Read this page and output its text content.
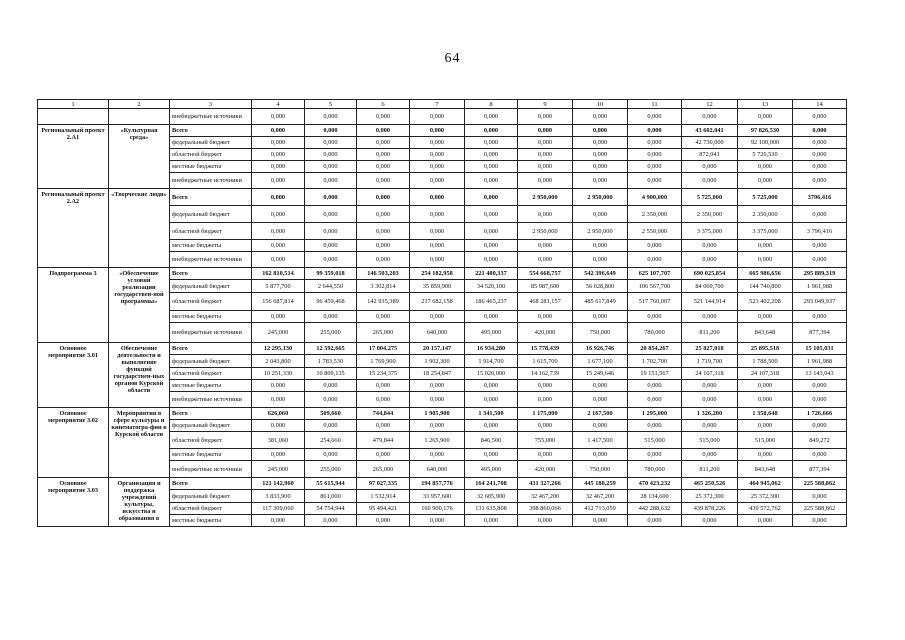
64
1	2	3	4	5	6	7	8	9	10	11	12	13	14
		внебюджетные источники	0,000	0,000	0,000	0,000	0,000	0,000	0,000	0,000	0,000	0,000	0,000
Региональный проект 2.А1	«Культурная среда»	Всего	0,000	0,000	0,000	0,000	0,000	0,000	0,000	0,000	43 602,041	97 826,530	0,000
		федеральный бюджет	0,000	0,000	0,000	0,000	0,000	0,000	0,000	0,000	42 730,000	92 100,000	0,000
		областной бюджет	0,000	0,000	0,000	0,000	0,000	0,000	0,000	0,000	872,041	5 726,530	0,000
		местные бюджеты	0,000	0,000	0,000	0,000	0,000	0,000	0,000	0,000	0,000	0,000	0,000
		внебюджетные источники	0,000	0,000	0,000	0,000	0,000	0,000	0,000	0,000	0,000	0,000	0,000
Региональный проект 2.А2	«Творческие люди»	Всего	0,000	0,000	0,000	0,000	0,000	2 950,000	2 950,000	4 900,000	5 725,000	5 725,000	3796,416
		федеральный бюджет	0,000	0,000	0,000	0,000	0,000	0,000	0,000	2 350,000	2 350,000	2 350,000	0,000
		областной бюджет	0,000	0,000	0,000	0,000	0,000	2 950,000	2 950,000	2 550,000	3 375,000	3 375,000	3 796,416
		местные бюджеты	0,000	0,000	0,000	0,000	0,000	0,000	0,000	0,000	0,000	0,000	0,000
		внебюджетные источники	0,000	0,000	0,000	0,000	0,000	0,000	0,000	0,000	0,000	0,000	0,000
Подпрограмма 3	«Обеспечение условий реализации государствен-ной программы»	Всего	162 810,514	99 359,018	146 503,203	254 182,958	221 480,337	554 668,757	542 396,649	625 107,707	690 025,854	665 986,656	295 889,319
		федеральный бюджет	5 877,700	2 644,550	3 302,814	35 859,900	34 520,100	85 987,600	56 028,800	106 567,700	84 069,700	144 740,800	1 961,988
		областной бюджет	156 687,814	96 459,468	142 935,389	217 682,158	186 465,237	468 281,157	485 617,849	517 760,007	521 144,914	523 402,208	293 049,937
		местные бюджеты	0,000	0,000	0,000	0,000	0,000	0,000	0,000	0,000	0,000	0,000	0,000
		внебюджетные источники	245,000	255,000	265,000	640,000	495,000	420,000	750,000	780,000	811,200	843,648	877,394
Основное мероприятие 3.01	Обеспечение деятельности и выполнение функций государствен-ных органов Курской области	Всего	12 295,130	12 592,665	17 004,275	20 157,147	16 934,280	15 778,439	16 926,746	20 854,267	25 827,018	25 895,518	15 105,031
		федеральный бюджет	2 043,800	1 783,530	1 769,900	1 902,300	1 914,700	1 615,700	1 677,100	1 702,700	1 719,700	1 788,500	1 961,988
		областной бюджет	10 251,330	10 809,135	15 234,375	18 254,847	15 020,000	14 162,739	15 249,646	19 151,567	24 107,318	24 107,318	13 143,043
		местные бюджеты	0,000	0,000	0,000	0,000	0,000	0,000	0,000	0,000	0,000	0,000	0,000
		внебюджетные источники	0,000	0,000	0,000	0,000	0,000	0,000	0,000	0,000	0,000	0,000	0,000
Основное мероприятие 3.02	Мероприятия в сфере культуры и кинематогра-фии в Курской области	Всего	626,060	509,660	744,844	1 905,900	1 341,500	1 175,000	2 167,500	1 295,000	1 326,200	1 358,648	1 726,666
		федеральный бюджет	0,000	0,000	0,000	0,000	0,000	0,000	0,000	0,000	0,000	0,000	0,000
		областной бюджет	381,060	254,660	479,844	1 265,900	846,500	755,000	1 417,500	515,000	515,000	515,000	849,272
		местные бюджеты	0,000	0,000	0,000	0,000	0,000	0,000	0,000	0,000	0,000	0,000	0,000
		внебюджетные источники	245,000	255,000	265,000	640,000	495,000	420,000	750,000	780,000	811,200	843,648	877,394
Основное мероприятие 3.03	Организация и поддержка учреждений культуры, искусства и образования в	Всего	121 142,960	55 615,944	97 027,335	194 857,776	164 241,708	431 327,266	445 180,259	470 423,232	465 250,526	464 945,062	225 588,862
		федеральный бюджет	3 833,900	861,000	1 532,914	33 957,600	32 605,900	32 467,200	32 467,200	28 134,600	25 372,300	25 372,300	0,000
		областной бюджет	117 309,060	54 754,944	95 494,421	160 900,176	131 635,808	398 860,066	412 713,059	442 288,632	439 878,226	439 572,762	225 588,862
		местные бюджеты	0,000	0,000	0,000	0,000	0,000	0,000	0,000	0,000	0,000	0,000	0,000
